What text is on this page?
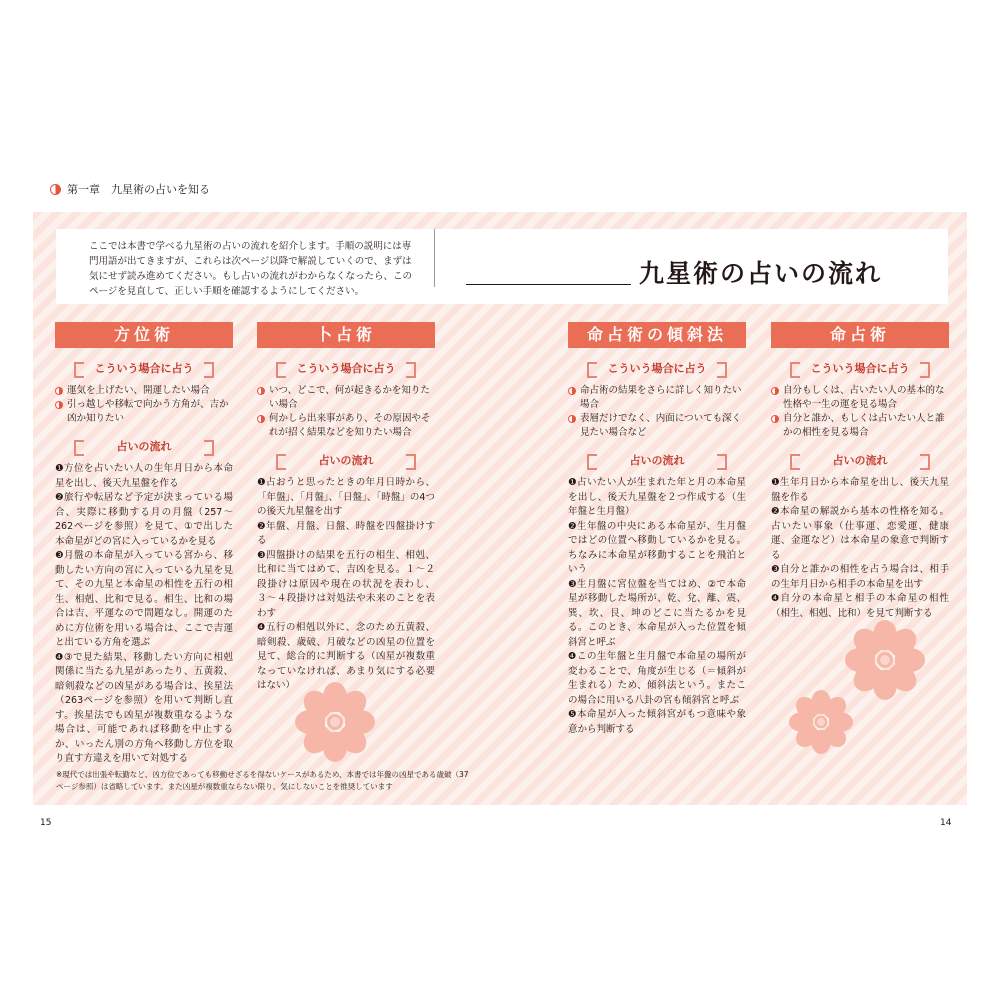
第一章　九星術の占いを知る
ここでは本書で学べる九星術の占いの流れを紹介します。手順の説明には専門用語が出てきますが、これらは次ページ以降で解説していくので、まずは気にせず読み進めてください。もし占いの流れがわからなくなったら、このページを見直して、正しい手順を確認するようにしてください。
九星術の占いの流れ
方位術
こういう場合に占う

運気を上げたい、開運したい場合

引っ越しや移転で向かう方角が、吉か凶か知りたい

占いの流れ

❶方位を占いたい人の生年月日から本命星を出し、後天九星盤を作る

❷旅行や転居など予定が決まっている場合、実際に移動する月の月盤（257〜262ページを参照）を見て、①で出した本命星がどの宮に入っているかを見る

❸月盤の本命星が入っている宮から、移動したい方向の宮に入っている九星を見て、その九星と本命星の相性を五行の相生、相剋、比和で見る。相生、比和の場合は吉、平運なので問題なし。開運のために方位術を用いる場合は、ここで吉運と出ている方角を選ぶ

❹③で見た結果、移動したい方向に相剋関係に当たる九星があったり、五黄殺、暗剣殺などの凶星がある場合は、挨星法（263ページを参照）を用いて判断し直す。挨星法でも凶星が複数重なるような場合は、可能であれば移動を中止するか、いったん別の方角へ移動し方位を取り直す方違えを用いて対処する

卜占術
こういう場合に占う

いつ、どこで、何が起きるかを知りたい場合

何かしら出来事があり、その原因やそれが招く結果などを知りたい場合

占いの流れ

❶占おうと思ったときの年月日時から、「年盤」、「月盤」、「日盤」、「時盤」の4つの後天九星盤を出す

❷年盤、月盤、日盤、時盤を四盤掛けする

❸四盤掛けの結果を五行の相生、相剋、比和に当てはめて、吉凶を見る。１〜２段掛けは原因や現在の状況を表わし、３〜４段掛けは対処法や未来のことを表わす

❹五行の相剋以外に、念のため五黄殺、暗剣殺、歳破、月破などの凶星の位置を見て、総合的に判断する（凶星が複数重なっていなければ、あまり気にする必要はない）

命占術の傾斜法
こういう場合に占う

命占術の結果をさらに詳しく知りたい場合

表層だけでなく、内面についても深く見たい場合など

占いの流れ

❶占いたい人が生まれた年と月の本命星を出し、後天九星盤を２つ作成する（生年盤と生月盤）

❷生年盤の中央にある本命星が、生月盤ではどの位置へ移動しているかを見る。ちなみに本命星が移動することを飛泊という

❸生月盤に宮位盤を当てはめ、②で本命星が移動した場所が、乾、兌、離、震、巽、坎、艮、坤のどこに当たるかを見る。このとき、本命星が入った位置を傾斜宮と呼ぶ

❹この生年盤と生月盤で本命星の場所が変わることで、角度が生じる（＝傾斜が生まれる）ため、傾斜法という。またこの場合に用いる八卦の宮も傾斜宮と呼ぶ

❺本命星が入った傾斜宮がもつ意味や象意から判断する

命占術
こういう場合に占う

自分もしくは、占いたい人の基本的な性格や一生の運を見る場合

自分と誰か、もしくは占いたい人と誰かの相性を見る場合

占いの流れ

❶生年月日から本命星を出し、後天九星盤を作る

❷本命星の解説から基本の性格を知る。占いたい事象（仕事運、恋愛運、健康運、金運など）は本命星の象意で判断する

❸自分と誰かの相性を占う場合は、相手の生年月日から相手の本命星を出す

❹自分の本命星と相手の本命星の相性（相生、相剋、比和）を見て判断する

※現代では出張や転勤など、凶方位であっても移動せざるを得ないケースがあるため、本書では年盤の凶星である歳破（37ページ参照）は省略しています。また凶星が複数重ならない限り、気にしないことを推奨しています
15	14
